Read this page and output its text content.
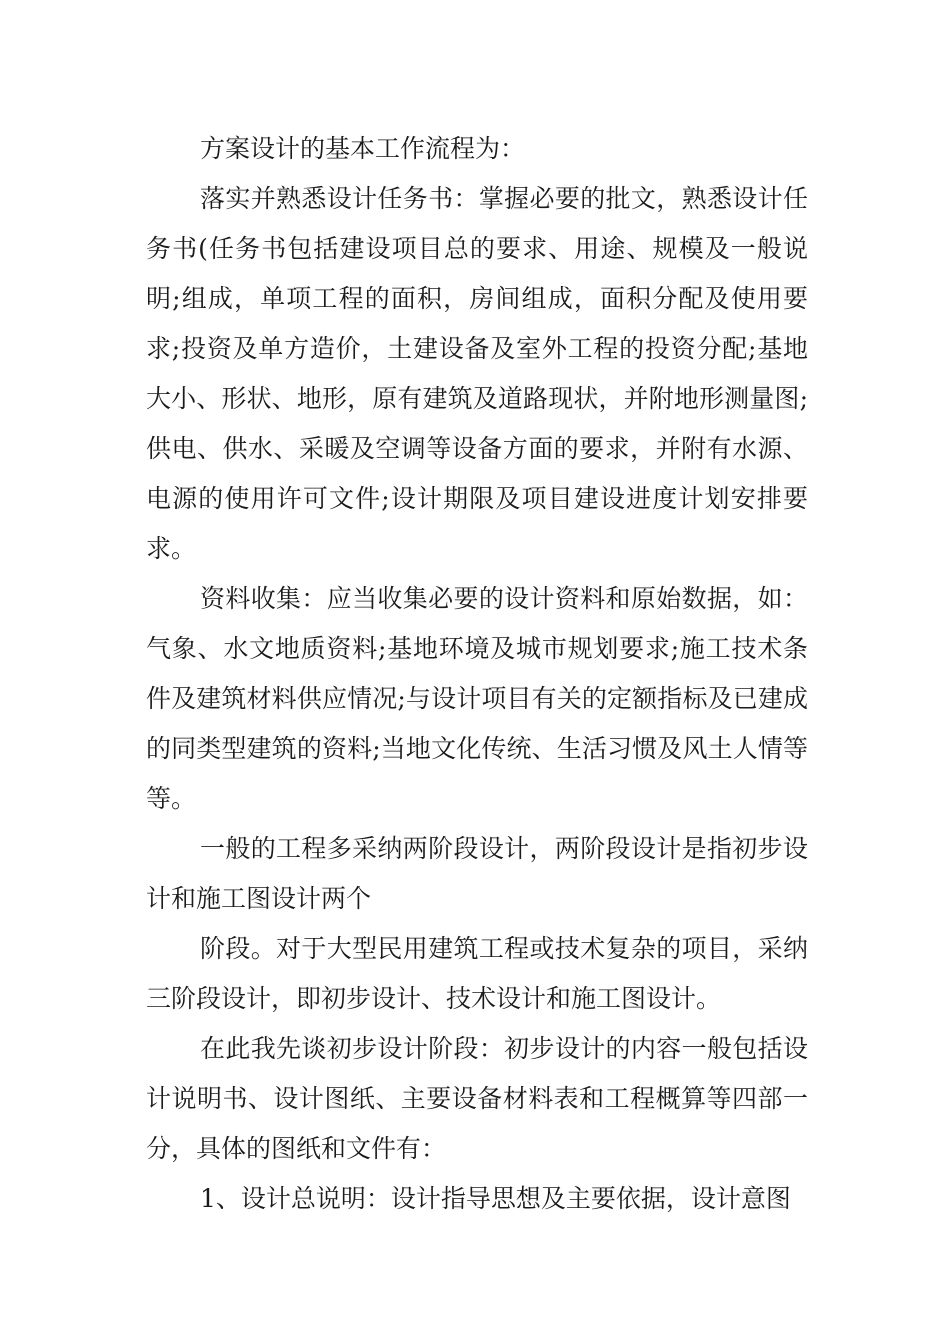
方案设计的基本工作流程为：

落实并熟悉设计任务书：掌握必要的批文，熟悉设计任务书(任务书包括建设项目总的要求、用途、规模及一般说明;组成，单项工程的面积，房间组成，面积分配及使用要求;投资及单方造价，土建设备及室外工程的投资分配;基地大小、形状、地形，原有建筑及道路现状，并附地形测量图;供电、供水、采暖及空调等设备方面的要求，并附有水源、电源的使用许可文件;设计期限及项目建设进度计划安排要求。

资料收集：应当收集必要的设计资料和原始数据，如：气象、水文地质资料;基地环境及城市规划要求;施工技术条件及建筑材料供应情况;与设计项目有关的定额指标及已建成的同类型建筑的资料;当地文化传统、生活习惯及风土人情等等。

一般的工程多采纳两阶段设计，两阶段设计是指初步设计和施工图设计两个

阶段。对于大型民用建筑工程或技术复杂的项目，采纳三阶段设计，即初步设计、技术设计和施工图设计。

在此我先谈初步设计阶段：初步设计的内容一般包括设计说明书、设计图纸、主要设备材料表和工程概算等四部一分，具体的图纸和文件有：

1、设计总说明：设计指导思想及主要依据，设计意图
